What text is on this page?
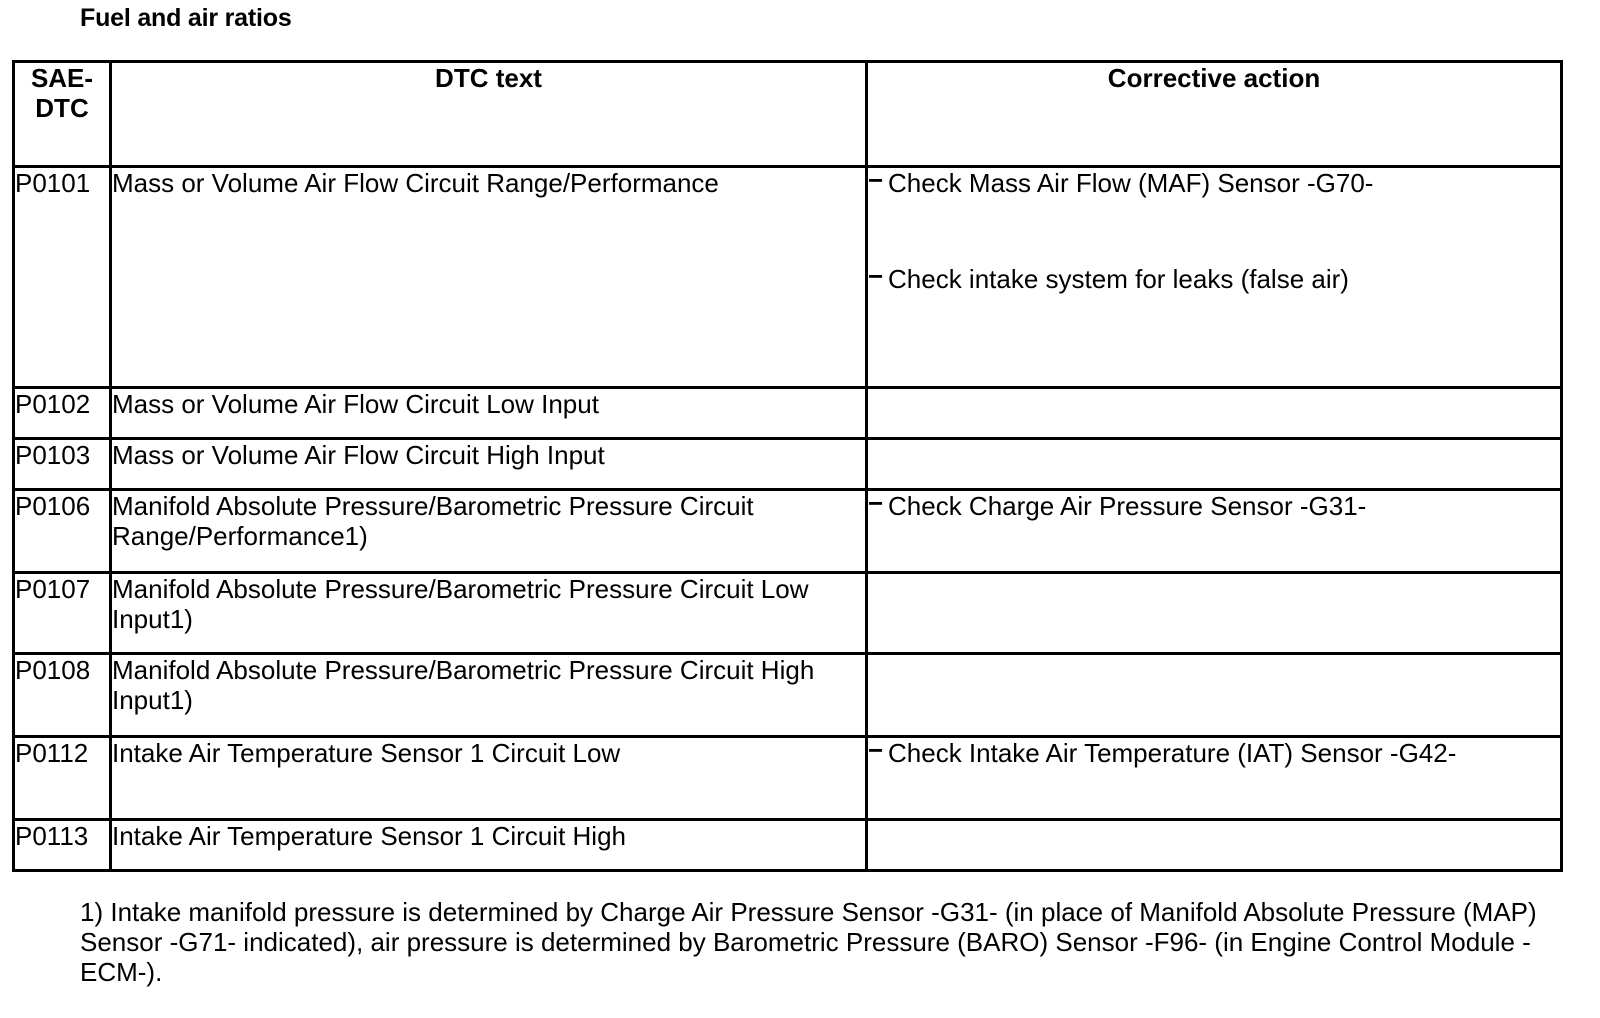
Fuel and air ratios
SAE-
DTC	DTC text	Corrective action
P0101	Mass or Volume Air Flow Circuit Range/Performance	− Check Mass Air Flow (MAF) Sensor -G70-
− Check intake system for leaks (false air)

P0102	Mass or Volume Air Flow Circuit Low Input	
P0103	Mass or Volume Air Flow Circuit High Input	
P0106	Manifold Absolute Pressure/Barometric Pressure Circuit Range/Performance1)	− Check Charge Air Pressure Sensor -G31-

P0107	Manifold Absolute Pressure/Barometric Pressure Circuit Low Input1)	
P0108	Manifold Absolute Pressure/Barometric Pressure Circuit High Input1)	
P0112	Intake Air Temperature Sensor 1 Circuit Low	− Check Intake Air Temperature (IAT) Sensor -G42-

P0113	Intake Air Temperature Sensor 1 Circuit High	
1) Intake manifold pressure is determined by Charge Air Pressure Sensor -G31- (in place of Manifold Absolute Pressure (MAP) Sensor -G71- indicated), air pressure is determined by Barometric Pressure (BARO) Sensor -F96- (in Engine Control Module -ECM-).
